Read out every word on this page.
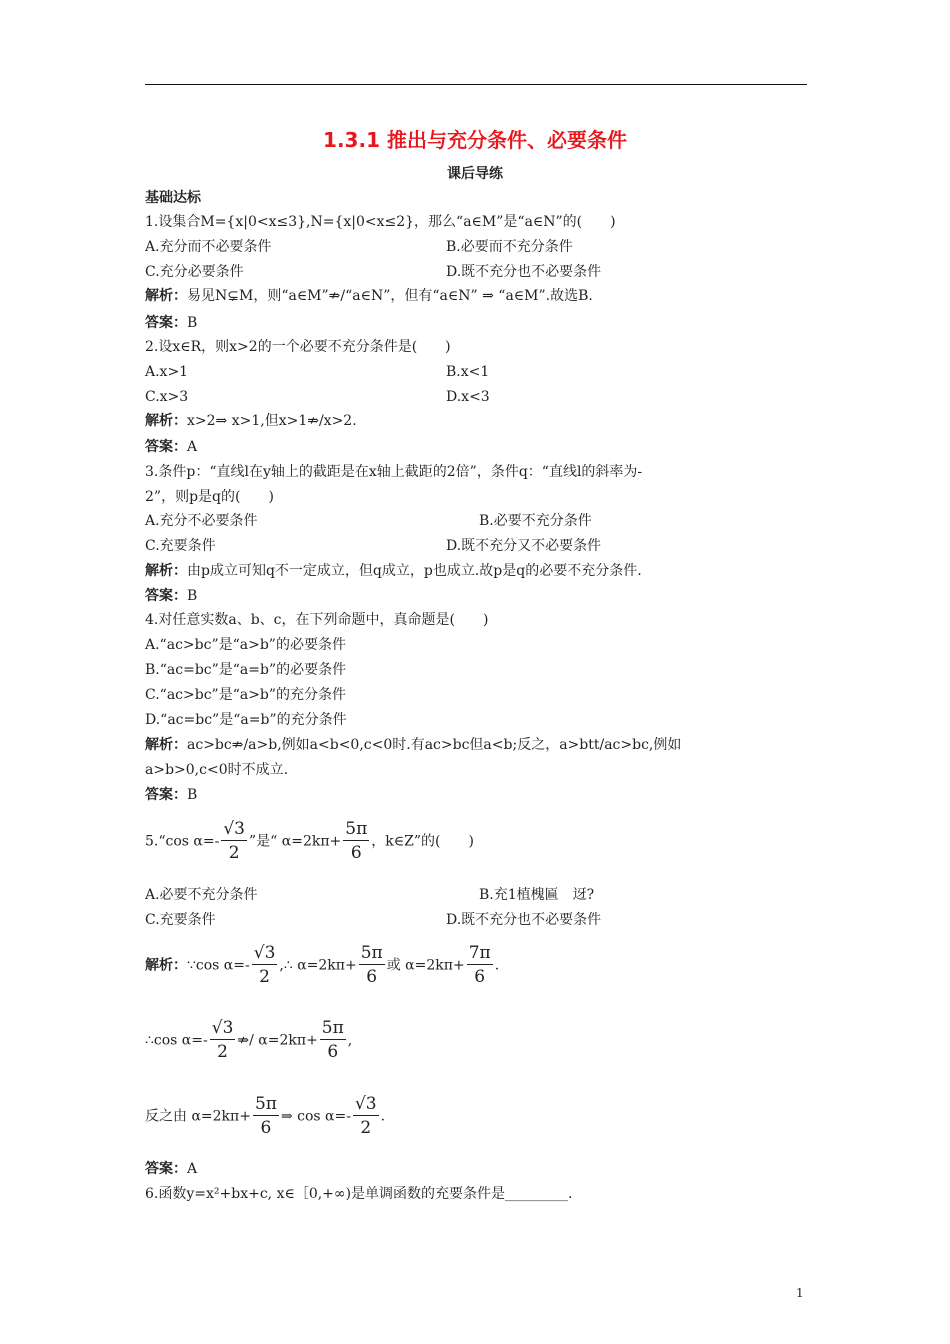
1.3.1 推出与充分条件、必要条件
课后导练
基础达标
1.设集合M={x|0<x≤3},N={x|0<x≤2}，那么“a∈M”是“a∈N”的(　　)
A.充分而不必要条件	B.必要而不充分条件
C.充分必要条件	D.既不充分也不必要条件
解析：易见N⊊M，则“a∈M”⇏/“a∈N”，但有“a∈N” ⇒ “a∈M”.故选B.
答案：B
2.设x∈R，则x>2的一个必要不充分条件是(　　)
A.x>1	B.x<1
C.x>3	D.x<3
解析：x>2⇒ x>1,但x>1⇏/x>2.
答案：A
3.条件p：“直线l在y轴上的截距是在x轴上截距的2倍”，条件q：“直线l的斜率为-
2”，则p是q的(　　)
A.充分不必要条件	B.必要不充分条件
C.充要条件	D.既不充分又不必要条件
解析：由p成立可知q不一定成立，但q成立，p也成立.故p是q的必要不充分条件.
答案：B
4.对任意实数a、b、c，在下列命题中，真命题是(　　)
A.“ac>bc”是“a>b”的必要条件
B.“ac=bc”是“a=b”的必要条件
C.“ac>bc”是“a>b”的充分条件
D.“ac=bc”是“a=b”的充分条件
解析：ac>bc⇏/a>b,例如a<b<0,c<0时.有ac>bc但a<b;反之，a>btt/ac>bc,例如
a>b>0,c<0时不成立.
答案：B
5.“cos $\alpha=- \frac{√3}{2}$ ”是“ $\alpha=2k\pi+ \frac{5\pi}{6}$ ，k∈Z”的(　　)
A.必要不充分条件	B.充1植槐匾　迓?
C.充要条件	D.既不充分也不必要条件
解析：∵cos $\alpha=- \frac{√3}{2}$ ,∴ $\alpha=2k\pi+ \frac{5\pi}{6}$ 或 $\alpha=2k\pi+ \frac{7\pi}{6}$ .
∴cos $\alpha=- \frac{√3}{2}$ ⇏/ $\alpha=2k\pi+ \frac{5\pi}{6}$ ,
反之由 $\alpha=2k\pi+ \frac{5\pi}{6}$ ⇒ $\cos \alpha=- \frac{√3}{2}$ .
答案：A
6.函数y=x²+bx+c, x∈［0,+∞)是单调函数的充要条件是_________.
1
